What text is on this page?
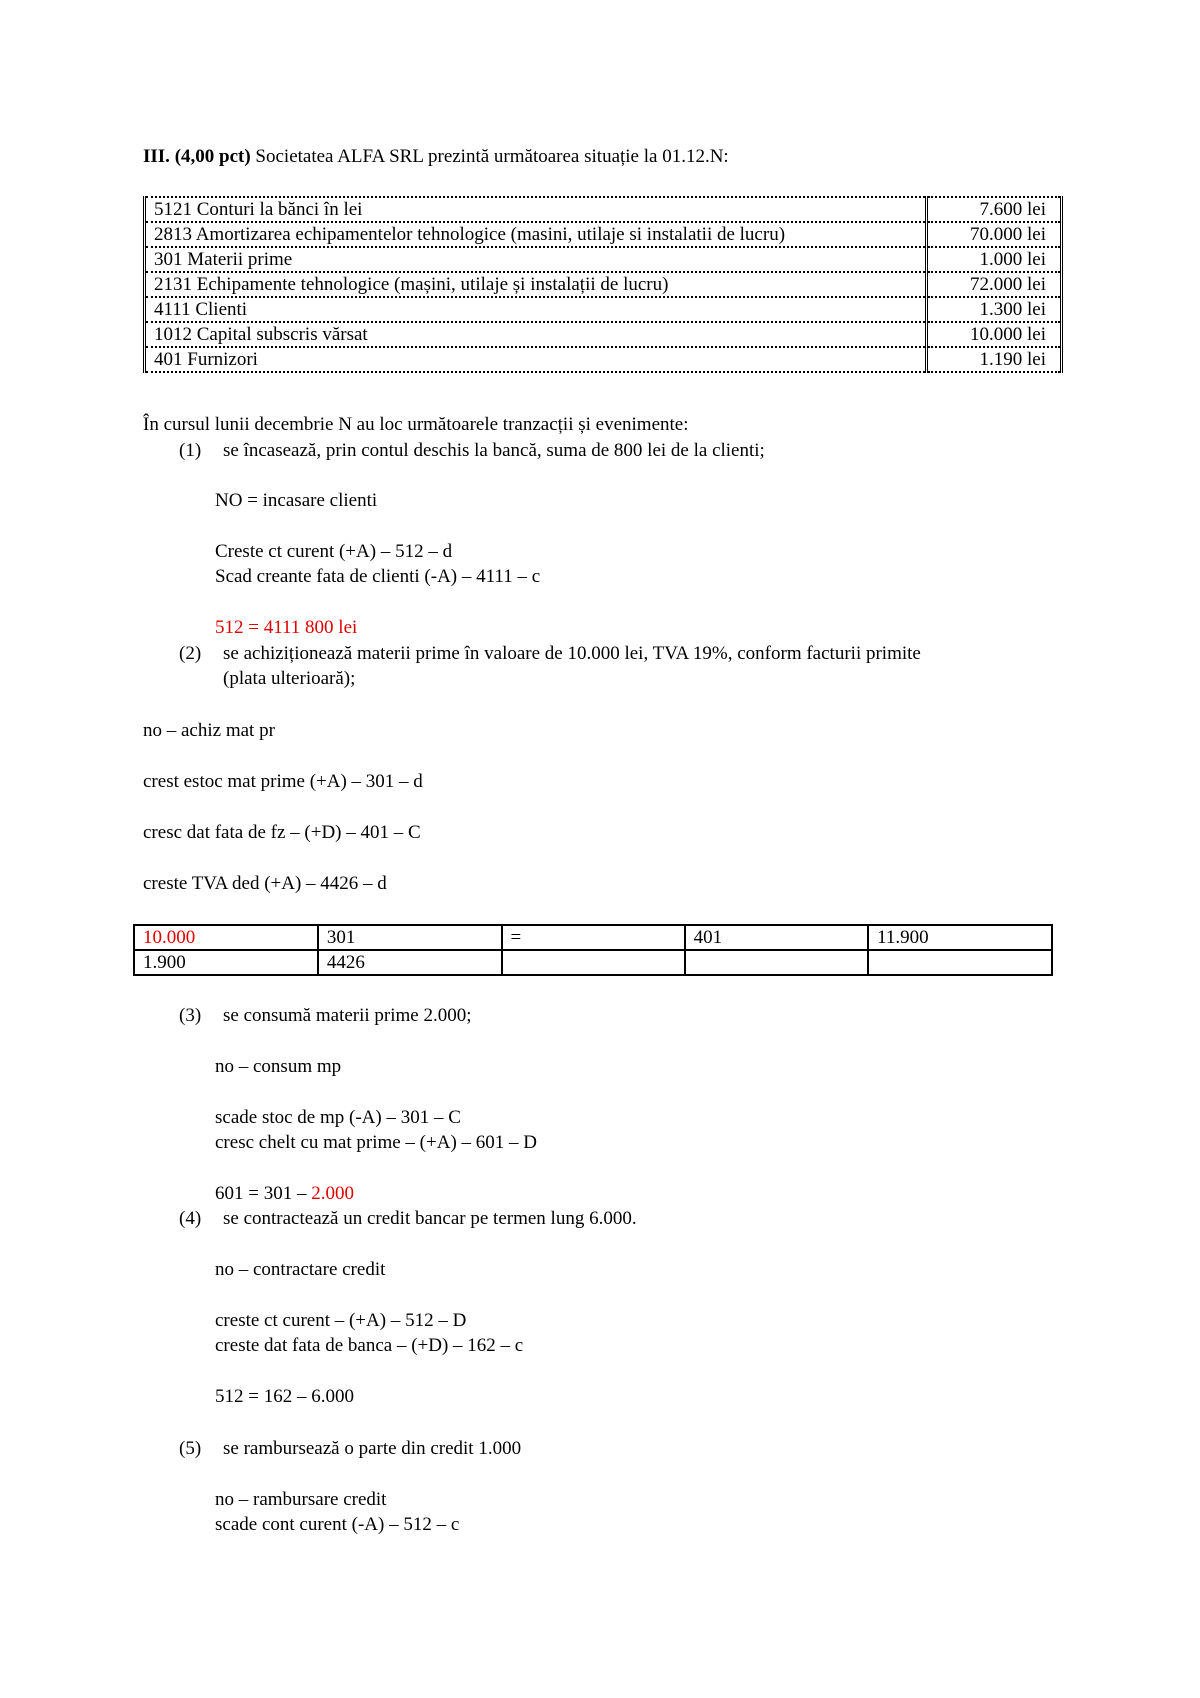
III. (4,00 pct) Societatea ALFA SRL prezintă următoarea situație la 01.12.N:
5121 Conturi la bănci în lei	7.600 lei
2813 Amortizarea echipamentelor tehnologice (masini, utilaje si instalatii de lucru)	70.000 lei
301 Materii prime	1.000 lei
2131 Echipamente tehnologice (mașini, utilaje și instalații de lucru)	72.000 lei
4111 Clienti	1.300 lei
1012 Capital subscris vărsat	10.000 lei
401 Furnizori	1.190 lei
În cursul lunii decembrie N au loc următoarele tranzacții și evenimente:
(1) se încasează, prin contul deschis la bancă, suma de 800 lei de la clienti;
NO = incasare clienti
Creste ct curent (+A) – 512 – d
Scad creante fata de clienti (-A) – 4111 – c
512 = 4111 800 lei
(2) se achiziționează materii prime în valoare de 10.000 lei, TVA 19%, conform facturii primite
(plata ulterioară);
no – achiz mat pr
crest estoc mat prime (+A) – 301 – d
cresc dat fata de fz – (+D) – 401 – C
creste TVA ded (+A) – 4426 – d
10.000	301	=	401	11.900
1.900	4426			
(3) se consumă materii prime 2.000;
no – consum mp
scade stoc de mp (-A) – 301 – C
cresc chelt cu mat prime – (+A) – 601 – D
601 = 301 – 2.000
(4) se contractează un credit bancar pe termen lung 6.000.
no – contractare credit
creste ct curent – (+A) – 512 – D
creste dat fata de banca – (+D) – 162 – c
512 = 162 – 6.000
(5) se rambursează o parte din credit 1.000
no – rambursare credit
scade cont curent (-A) – 512 – c
